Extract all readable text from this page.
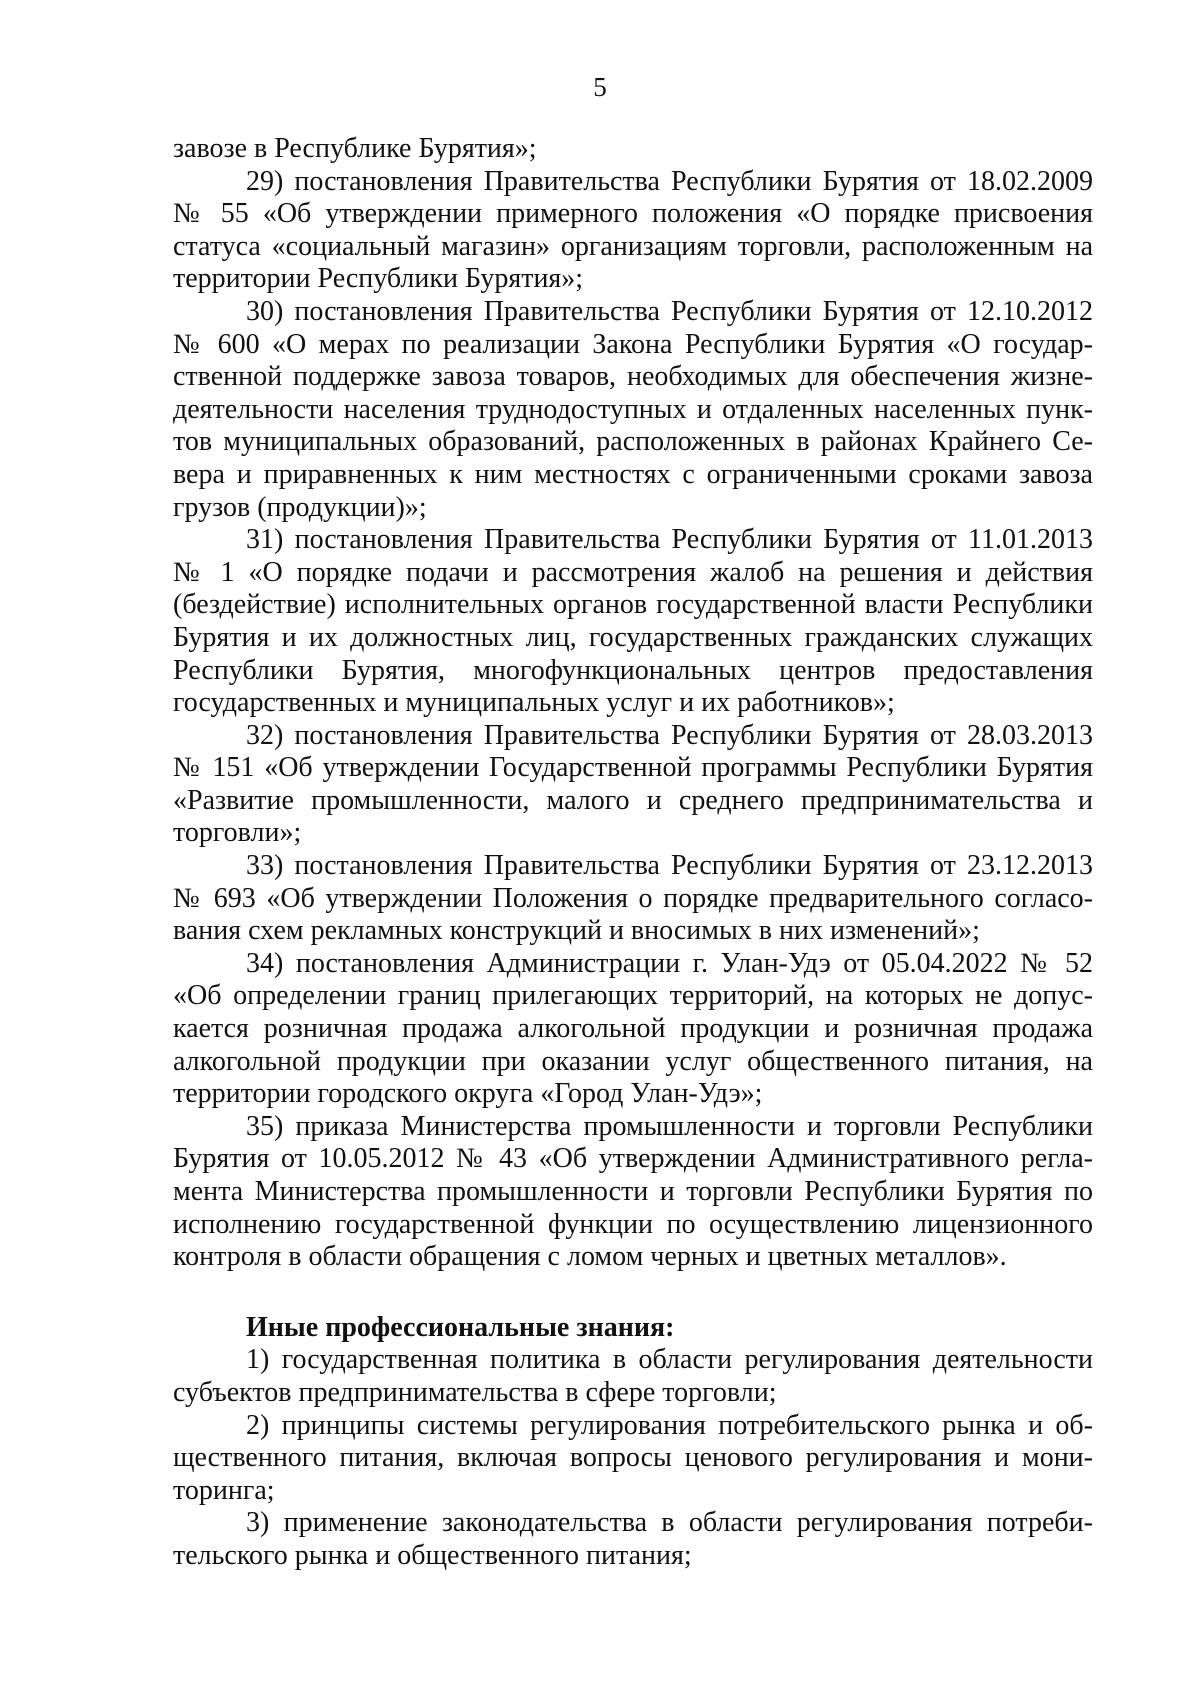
5

завозе в Республике Бурятия»;

29) постановления Правительства Республики Бурятия от 18.02.2009 № 55 «Об утверждении примерного положения «О порядке присвоения статуса «социальный магазин» организациям торговли, расположенным на территории Республики Бурятия»;

30) постановления Правительства Республики Бурятия от 12.10.2012 № 600 «О мерах по реализации Закона Республики Бурятия «О государственной поддержке завоза товаров, необходимых для обеспечения жизнедеятельности населения труднодоступных и отдаленных населенных пунктов муниципальных образований, расположенных в районах Крайнего Севера и приравненных к ним местностях с ограниченными сроками завоза грузов (продукции)»;

31) постановления Правительства Республики Бурятия от 11.01.2013 № 1 «О порядке подачи и рассмотрения жалоб на решения и действия (бездействие) исполнительных органов государственной власти Республики Бурятия и их должностных лиц, государственных гражданских служащих Республики Бурятия, многофункциональных центров предоставления государственных и муниципальных услуг и их работников»;

32) постановления Правительства Республики Бурятия от 28.03.2013 № 151 «Об утверждении Государственной программы Республики Бурятия «Развитие промышленности, малого и среднего предпринимательства и торговли»;

33) постановления Правительства Республики Бурятия от 23.12.2013 № 693 «Об утверждении Положения о порядке предварительного согласования схем рекламных конструкций и вносимых в них изменений»;

34) постановления Администрации г. Улан-Удэ от 05.04.2022 № 52 «Об определении границ прилегающих территорий, на которых не допускается розничная продажа алкогольной продукции и розничная продажа алкогольной продукции при оказании услуг общественного питания, на территории городского округа «Город Улан-Удэ»;

35) приказа Министерства промышленности и торговли Республики Бурятия от 10.05.2012 № 43 «Об утверждении Административного регламента Министерства промышленности и торговли Республики Бурятия по исполнению государственной функции по осуществлению лицензионного контроля в области обращения с ломом черных и цветных металлов».

Иные профессиональные знания:

1) государственная политика в области регулирования деятельности субъектов предпринимательства в сфере торговли;

2) принципы системы регулирования потребительского рынка и общественного питания, включая вопросы ценового регулирования и мониторинга;

3) применение законодательства в области регулирования потребительского рынка и общественного питания;
